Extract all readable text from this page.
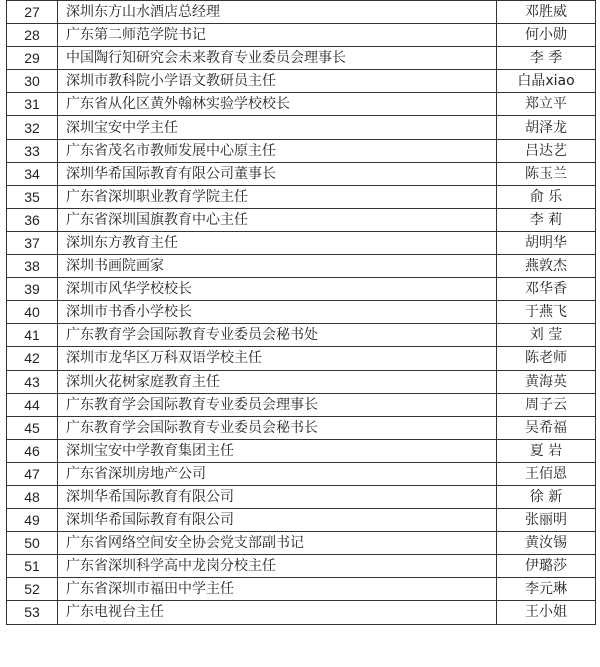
27	深圳东方山水酒店总经理	邓胜威
28	广东第二师范学院书记	何小勋
29	中国陶行知研究会未来教育专业委员会理事长	李 季
30	深圳市教科院小学语文教研员主任	白晶xiao
31	广东省从化区黄外翰林实验学校校长	郑立平
32	深圳宝安中学主任	胡泽龙
33	广东省茂名市教师发展中心原主任	吕达艺
34	深圳华希国际教育有限公司董事长	陈玉兰
35	广东省深圳职业教育学院主任	俞 乐
36	广东省深圳国旗教育中心主任	李 莉
37	深圳东方教育主任	胡明华
38	深圳书画院画家	燕敦杰
39	深圳市风华学校校长	邓华香
40	深圳市书香小学校长	于燕飞
41	广东教育学会国际教育专业委员会秘书处	刘 莹
42	深圳市龙华区万科双语学校主任	陈老师
43	深圳火花树家庭教育主任	黄海英
44	广东教育学会国际教育专业委员会理事长	周子云
45	广东教育学会国际教育专业委员会秘书长	吴希福
46	深圳宝安中学教育集团主任	夏 岩
47	广东省深圳房地产公司	王佰恩
48	深圳华希国际教育有限公司	徐 新
49	深圳华希国际教育有限公司	张丽明
50	广东省网络空间安全协会党支部副书记	黄汝锡
51	广东省深圳科学高中龙岗分校主任	伊璐莎
52	广东省深圳市福田中学主任	李元琳
53	广东电视台主任	王小姐
